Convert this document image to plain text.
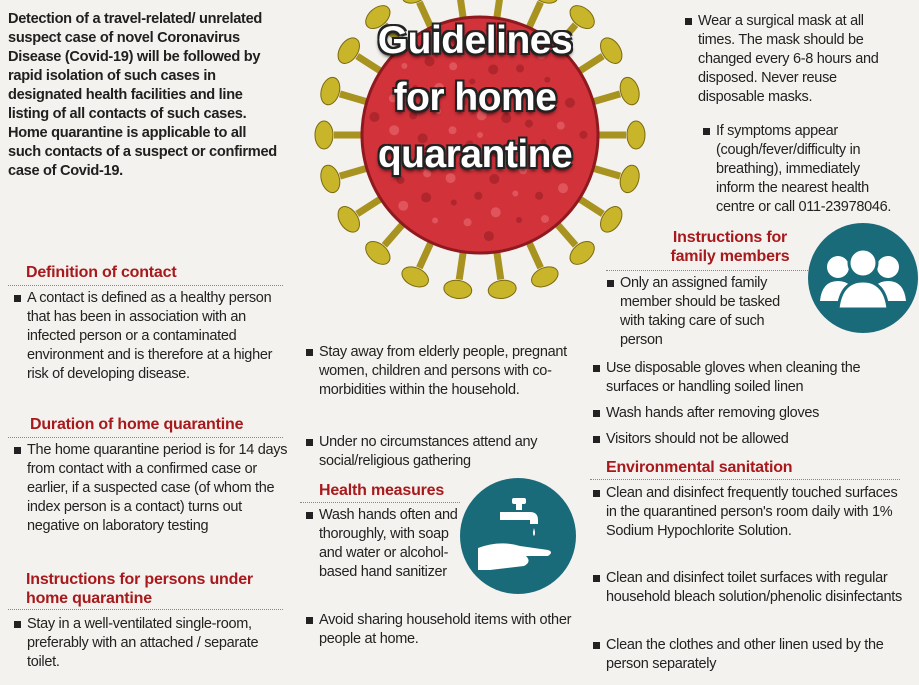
Guidelines
for home
quarantine
Detection of a travel-related/ unrelated suspect case of novel Coronavirus Disease (Covid-19) will be followed by rapid isolation of such cases in designated health facilities and line listing of all contacts of such cases. Home quarantine is applicable to all such contacts of a suspect or confirmed case of Covid-19.
Definition of contact
A contact is defined as a healthy person that has been in association with an infected person or a contaminated environment and is therefore at a higher risk of developing disease.
Duration of home quarantine
The home quarantine period is for 14 days from contact with a confirmed case or earlier, if a suspected case (of whom the index person is a contact) turns out negative on laboratory testing
Instructions for persons under home quarantine
Stay in a well-ventilated single-room, preferably with an attached / separate toilet.
Stay away from elderly people, pregnant women, children and persons with co-morbidities within the household.
Under no circumstances attend any social/religious gathering
Health measures
Wash hands often and thoroughly, with soap and water or alcohol-based hand sanitizer
Avoid sharing household items with other people at home.
Wear a surgical mask at all times. The mask should be changed every 6-8 hours and disposed. Never reuse disposable masks.
If symptoms appear (cough/fever/difficulty in breathing), immediately inform the nearest health centre or call 011-23978046.
Instructions for family members
Only an assigned family member should be tasked with taking care of such person
Use disposable gloves when cleaning the surfaces or handling soiled linen
Wash hands after removing gloves
Visitors should not be allowed
Environmental sanitation
Clean and disinfect frequently touched surfaces in the quarantined person's room daily with 1% Sodium Hypochlorite Solution.
Clean and disinfect toilet surfaces with regular household bleach solution/phenolic disinfectants
Clean the clothes and other linen used by the person separately
